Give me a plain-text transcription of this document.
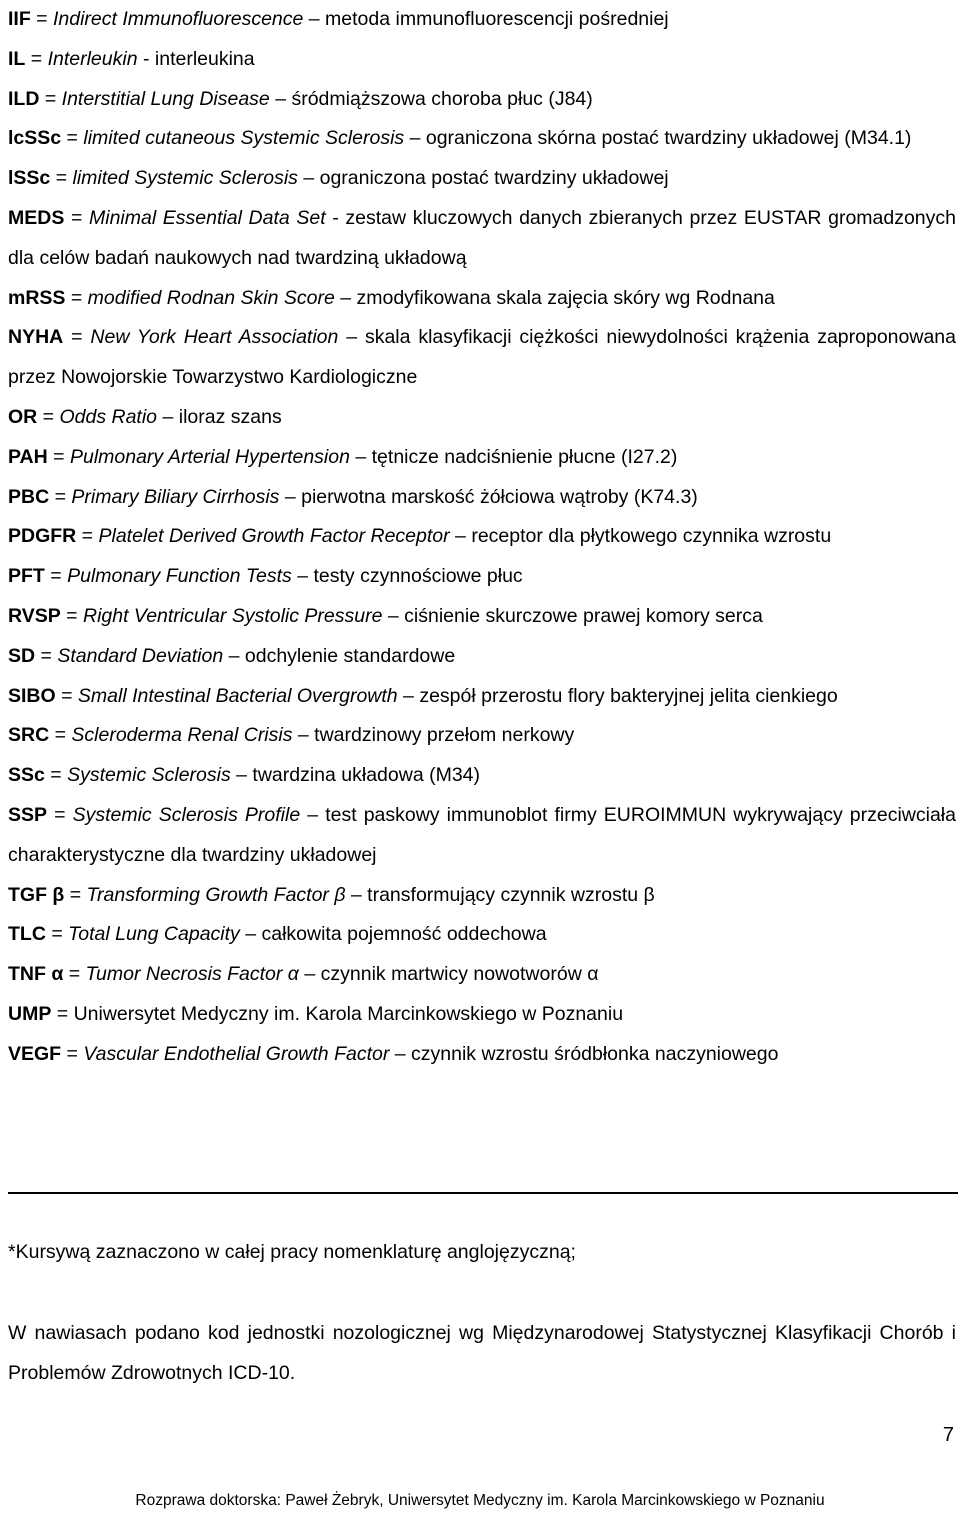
IIF = Indirect Immunofluorescence – metoda immunofluorescencji pośredniej

IL = Interleukin - interleukina

ILD = Interstitial Lung Disease – śródmiąższowa choroba płuc (J84)

lcSSc = limited cutaneous Systemic Sclerosis – ograniczona skórna postać twardziny układowej (M34.1)

lSSc = limited Systemic Sclerosis – ograniczona postać twardziny układowej

MEDS = Minimal Essential Data Set - zestaw kluczowych danych zbieranych przez EUSTAR gromadzonych dla celów badań naukowych nad twardziną układową

mRSS = modified Rodnan Skin Score – zmodyfikowana skala zajęcia skóry wg Rodnana

NYHA = New York Heart Association – skala klasyfikacji ciężkości niewydolności krążenia zaproponowana przez Nowojorskie Towarzystwo Kardiologiczne

OR = Odds Ratio – iloraz szans

PAH = Pulmonary Arterial Hypertension – tętnicze nadciśnienie płucne (I27.2)

PBC = Primary Biliary Cirrhosis – pierwotna marskość żółciowa wątroby (K74.3)

PDGFR = Platelet Derived Growth Factor Receptor – receptor dla płytkowego czynnika wzrostu

PFT = Pulmonary Function Tests – testy czynnościowe płuc

RVSP = Right Ventricular Systolic Pressure – ciśnienie skurczowe prawej komory serca

SD = Standard Deviation – odchylenie standardowe

SIBO = Small Intestinal Bacterial Overgrowth – zespół przerostu flory bakteryjnej jelita cienkiego

SRC = Scleroderma Renal Crisis – twardzinowy przełom nerkowy

SSc = Systemic Sclerosis – twardzina układowa (M34)

SSP = Systemic Sclerosis Profile – test paskowy immunoblot firmy EUROIMMUN wykrywający przeciwciała charakterystyczne dla twardziny układowej

TGF β = Transforming Growth Factor β – transformujący czynnik wzrostu β

TLC = Total Lung Capacity – całkowita pojemność oddechowa

TNF α = Tumor Necrosis Factor α – czynnik martwicy nowotworów α

UMP = Uniwersytet Medyczny im. Karola Marcinkowskiego w Poznaniu

VEGF = Vascular Endothelial Growth Factor – czynnik wzrostu śródbłonka naczyniowego

*Kursywą zaznaczono w całej pracy nomenklaturę anglojęzyczną;

W nawiasach podano kod jednostki nozologicznej wg Międzynarodowej Statystycznej Klasyfikacji Chorób i Problemów Zdrowotnych ICD-10.

7
Rozprawa doktorska: Paweł Żebryk, Uniwersytet Medyczny im. Karola Marcinkowskiego w Poznaniu
